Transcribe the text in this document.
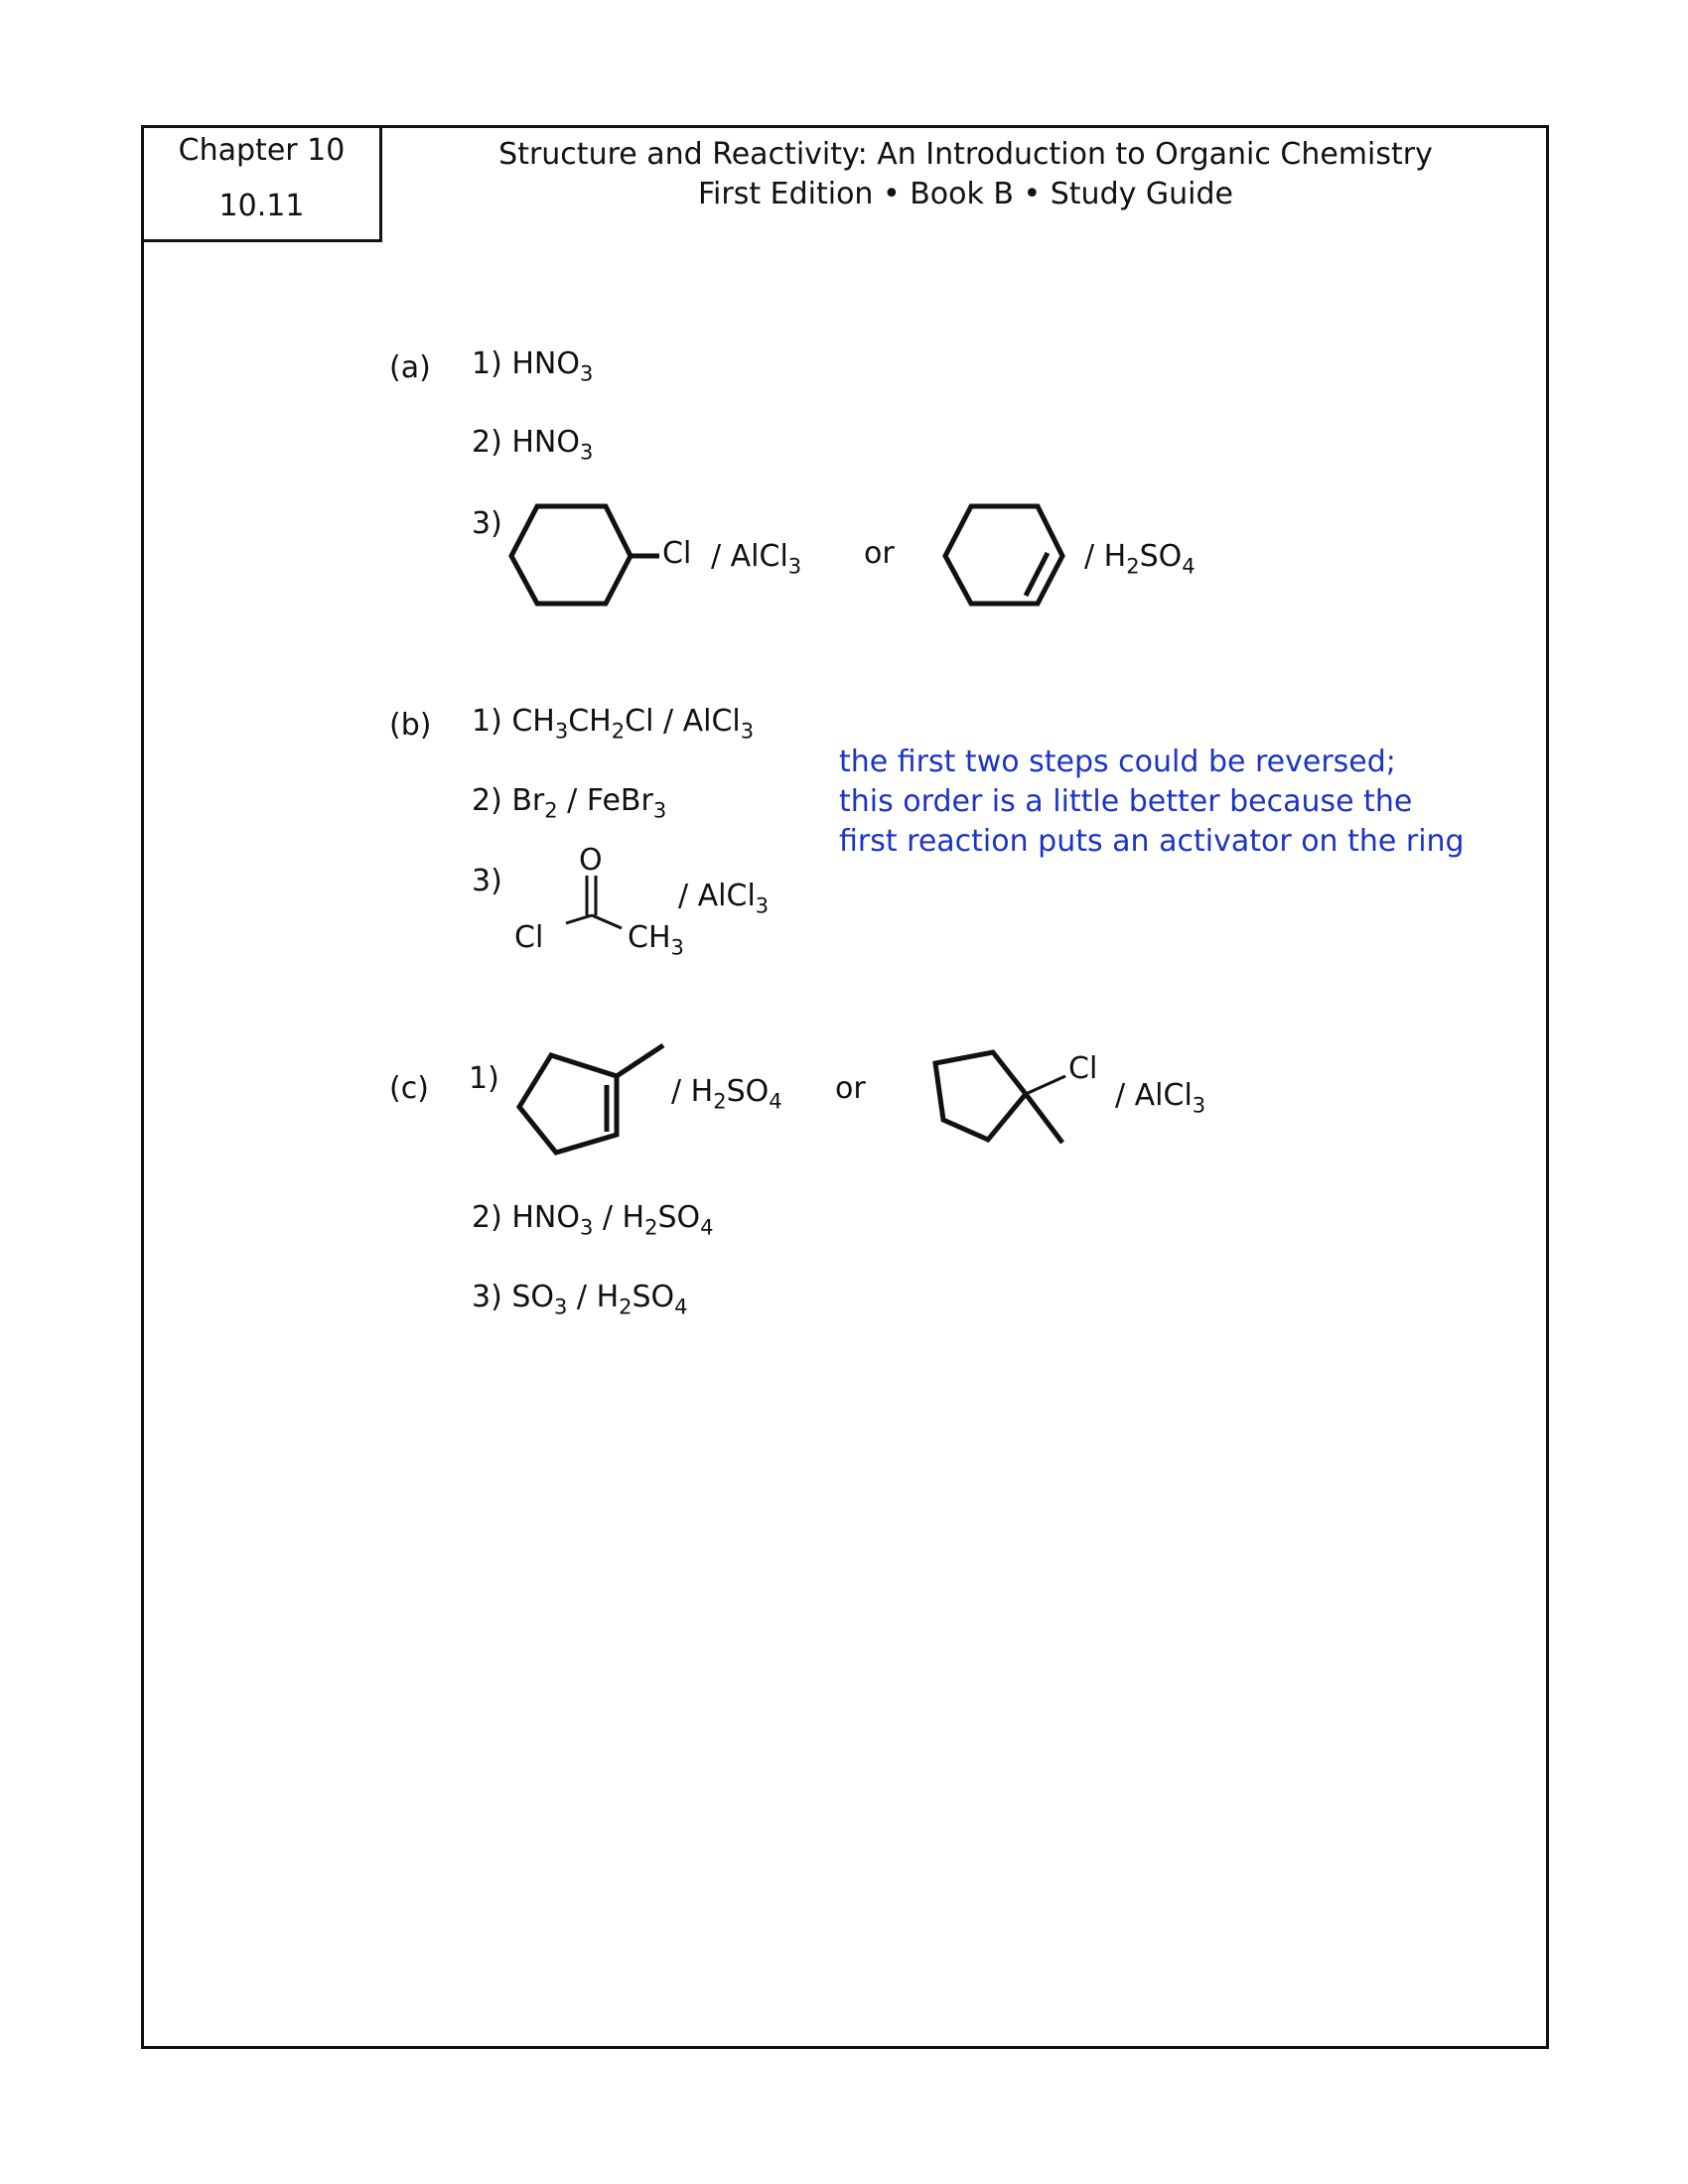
Chapter 10
10.11
Structure and Reactivity: An Introduction to Organic Chemistry
First Edition • Book B • Study Guide
(a) 1) $HNO_3$
2) $HNO_3$
3)
Cl / AlCl$_3$ or	/ $H_2SO_4$
(b) 1) $CH_3CH_2Cl$ / AlCl$_3$
2) $Br_2$ / FeBr$_3$
3)
O
Cl	$CH_3$
/ AlCl$_3$
the first two steps could be reversed;
this order is a little better because the
first reaction puts an activator on the ring
(c) 1)	/ $H_2SO_4$ or
Cl
/ AlCl$_3$
2) $HNO_3 / H_2SO_4$
3) $SO_3 / H_2SO_4$
